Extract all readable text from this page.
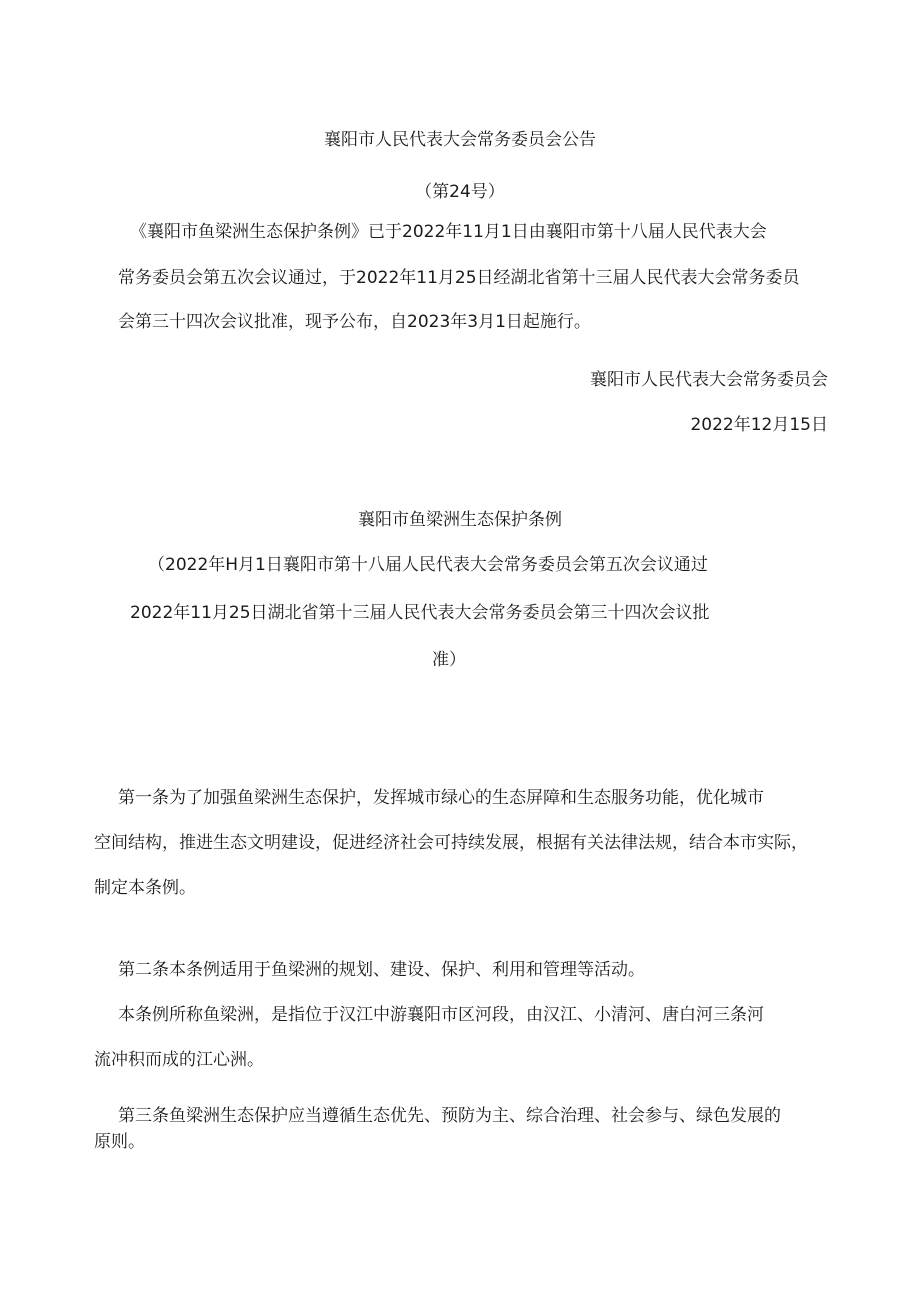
襄阳市人民代表大会常务委员会公告
（第24号）
《襄阳市鱼梁洲生态保护条例》已于2022年11月1日由襄阳市第十八届人民代表大会
常务委员会第五次会议通过，于2022年11月25日经湖北省第十三届人民代表大会常务委员
会第三十四次会议批准，现予公布，自2023年3月1日起施行。
襄阳市人民代表大会常务委员会
2022年12月15日
襄阳市鱼梁洲生态保护条例
（2022年H月1日襄阳市第十八届人民代表大会常务委员会第五次会议通过
2022年11月25日湖北省第十三届人民代表大会常务委员会第三十四次会议批
准）
第一条为了加强鱼梁洲生态保护，发挥城市绿心的生态屏障和生态服务功能，优化城市
空间结构，推进生态文明建设，促进经济社会可持续发展，根据有关法律法规，结合本市实际，
制定本条例。
第二条本条例适用于鱼梁洲的规划、建设、保护、利用和管理等活动。
本条例所称鱼梁洲，是指位于汉江中游襄阳市区河段，由汉江、小清河、唐白河三条河
流冲积而成的江心洲。
第三条鱼梁洲生态保护应当遵循生态优先、预防为主、综合治理、社会参与、绿色发展的
原则。
